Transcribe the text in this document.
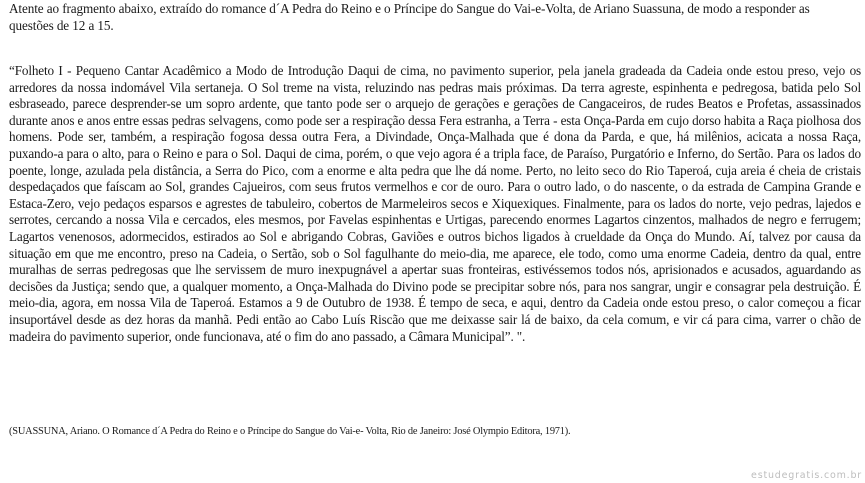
Atente ao fragmento abaixo, extraído do romance d´A Pedra do Reino e o Príncipe do Sangue do Vai-e-Volta, de Ariano Suassuna, de modo a responder as questões de 12 a 15.

“Folheto I - Pequeno Cantar Acadêmico a Modo de Introdução Daqui de cima, no pavimento superior, pela janela gradeada da Cadeia onde estou preso, vejo os arredores da nossa indomável Vila sertaneja. O Sol treme na vista, reluzindo nas pedras mais próximas. Da terra agreste, espinhenta e pedregosa, batida pelo Sol esbraseado, parece desprender-se um sopro ardente, que tanto pode ser o arquejo de gerações e gerações de Cangaceiros, de rudes Beatos e Profetas, assassinados durante anos e anos entre essas pedras selvagens, como pode ser a respiração dessa Fera estranha, a Terra - esta Onça-Parda em cujo dorso habita a Raça piolhosa dos homens. Pode ser, também, a respiração fogosa dessa outra Fera, a Divindade, Onça-Malhada que é dona da Parda, e que, há milênios, acicata a nossa Raça, puxando-a para o alto, para o Reino e para o Sol. Daqui de cima, porém, o que vejo agora é a tripla face, de Paraíso, Purgatório e Inferno, do Sertão. Para os lados do poente, longe, azulada pela distância, a Serra do Pico, com a enorme e alta pedra que lhe dá nome. Perto, no leito seco do Rio Taperoá, cuja areia é cheia de cristais despedaçados que faíscam ao Sol, grandes Cajueiros, com seus frutos vermelhos e cor de ouro. Para o outro lado, o do nascente, o da estrada de Campina Grande e Estaca-Zero, vejo pedaços esparsos e agrestes de tabuleiro, cobertos de Marmeleiros secos e Xiquexiques. Finalmente, para os lados do norte, vejo pedras, lajedos e serrotes, cercando a nossa Vila e cercados, eles mesmos, por Favelas espinhentas e Urtigas, parecendo enormes Lagartos cinzentos, malhados de negro e ferrugem; Lagartos venenosos, adormecidos, estirados ao Sol e abrigando Cobras, Gaviões e outros bichos ligados à crueldade da Onça do Mundo. Aí, talvez por causa da situação em que me encontro, preso na Cadeia, o Sertão, sob o Sol fagulhante do meio-dia, me aparece, ele todo, como uma enorme Cadeia, dentro da qual, entre muralhas de serras pedregosas que lhe servissem de muro inexpugnável a apertar suas fronteiras, estivéssemos todos nós, aprisionados e acusados, aguardando as decisões da Justiça; sendo que, a qualquer momento, a Onça-Malhada do Divino pode se precipitar sobre nós, para nos sangrar, ungir e consagrar pela destruição. É meio-dia, agora, em nossa Vila de Taperoá. Estamos a 9 de Outubro de 1938. É tempo de seca, e aqui, dentro da Cadeia onde estou preso, o calor começou a ficar insuportável desde as dez horas da manhã. Pedi então ao Cabo Luís Riscão que me deixasse sair lá de baixo, da cela comum, e vir cá para cima, varrer o chão de madeira do pavimento superior, onde funcionava, até o fim do ano passado, a Câmara Municipal”. ".

(SUASSUNA, Ariano. O Romance d´A Pedra do Reino e o Príncipe do Sangue do Vai-e- Volta, Rio de Janeiro: José Olympio Editora, 1971).

estudegratis.com.br
